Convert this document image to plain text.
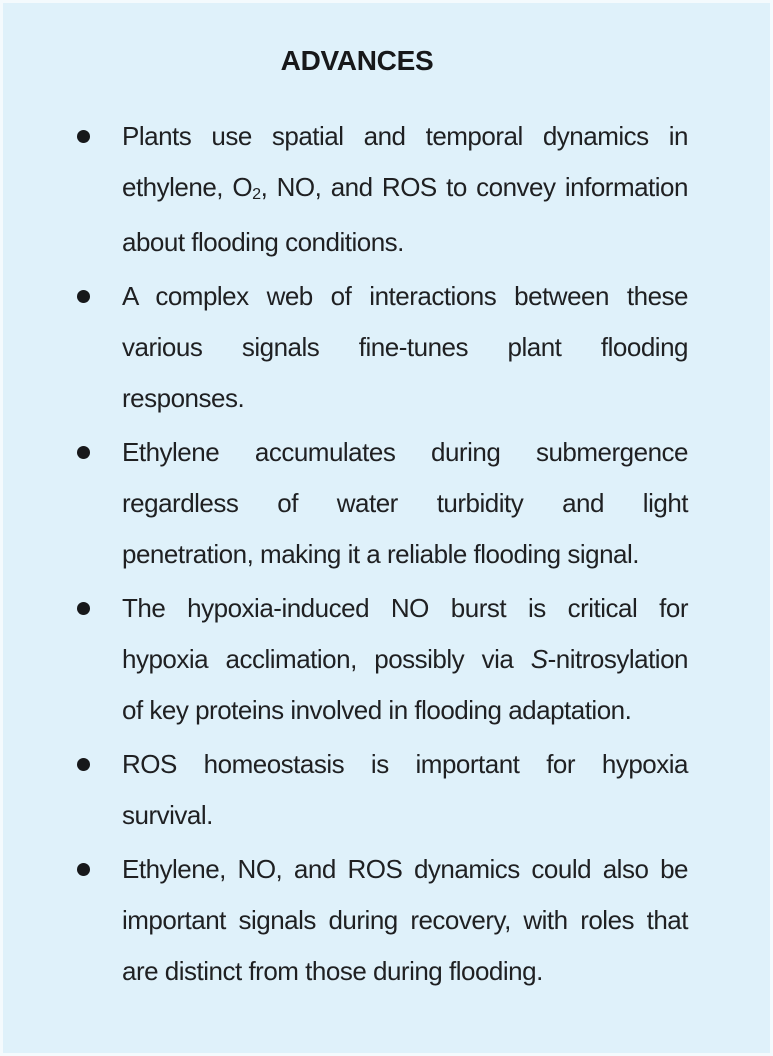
ADVANCES
Plants use spatial and temporal dynamics in
ethylene, O2, NO, and ROS to convey information
about flooding conditions.
A complex web of interactions between these
various signals fine-tunes plant flooding
responses.
Ethylene accumulates during submergence
regardless of water turbidity and light
penetration, making it a reliable flooding signal.
The hypoxia-induced NO burst is critical for
hypoxia acclimation, possibly via S-nitrosylation
of key proteins involved in flooding adaptation.
ROS homeostasis is important for hypoxia
survival.
Ethylene, NO, and ROS dynamics could also be
important signals during recovery, with roles that
are distinct from those during flooding.
